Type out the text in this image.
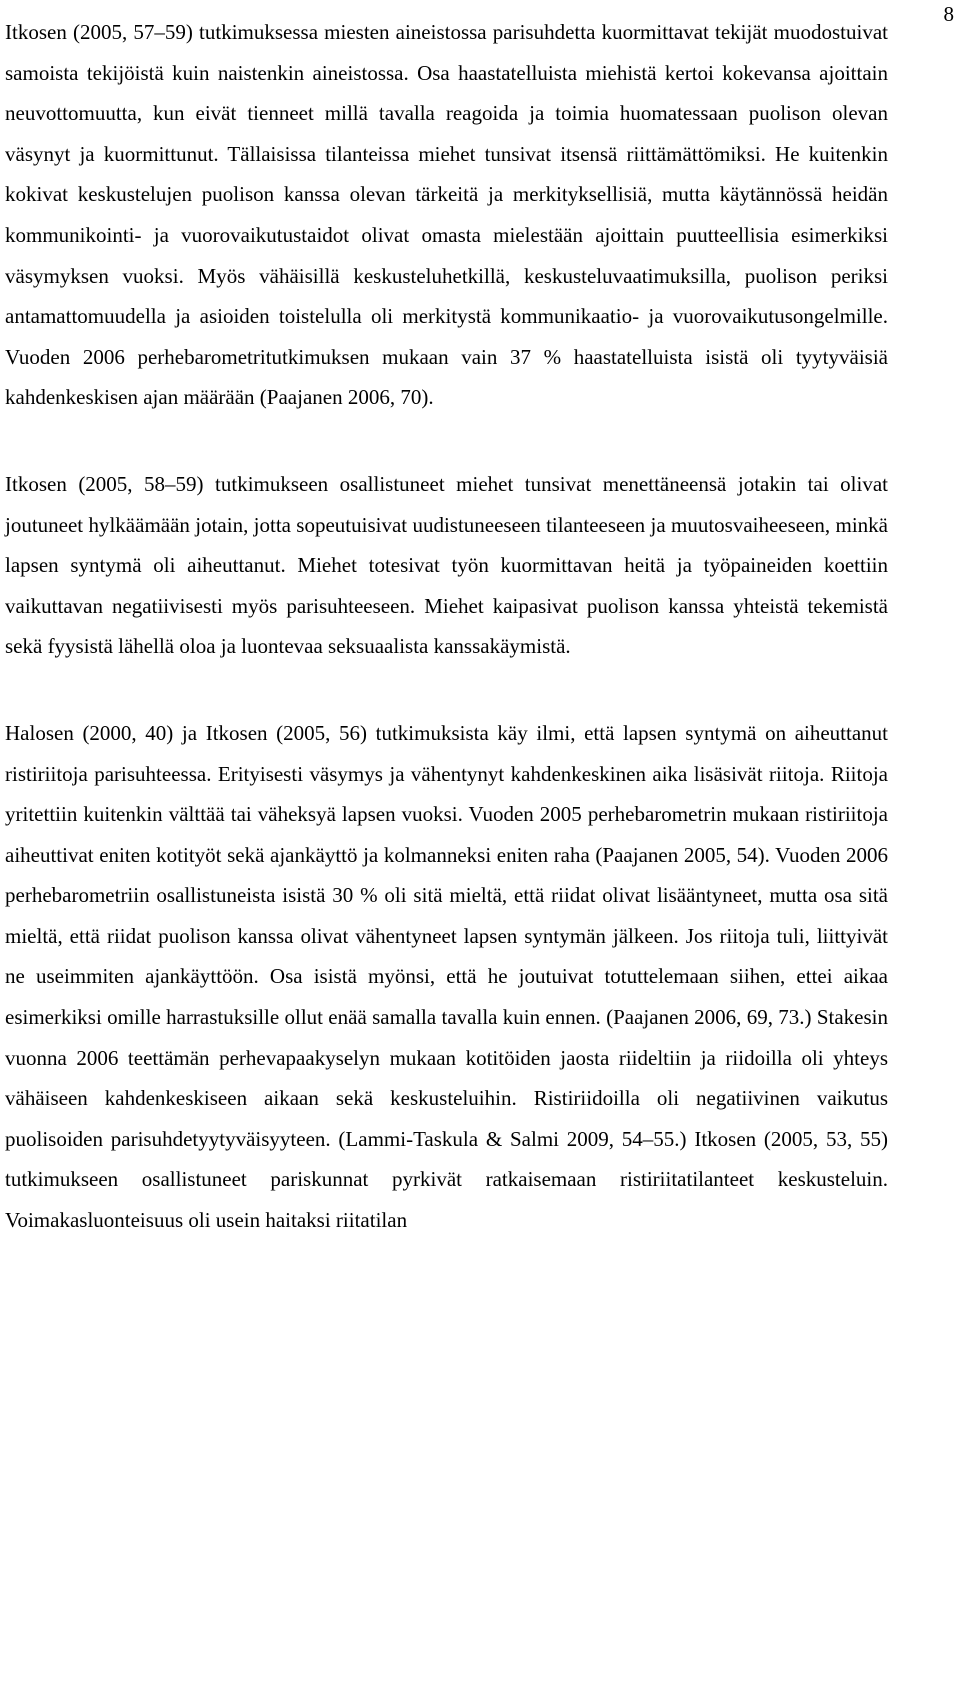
8

Itkosen (2005, 57–59) tutkimuksessa miesten aineistossa parisuhdetta kuormittavat tekijät muodostuivat samoista tekijöistä kuin naistenkin aineistossa. Osa haastatelluista miehistä kertoi kokevansa ajoittain neuvottomuutta, kun eivät tienneet millä tavalla reagoida ja toimia huomatessaan puolison olevan väsynyt ja kuormittunut. Tällaisissa tilanteissa miehet tunsivat itsensä riittämättömiksi. He kuitenkin kokivat keskustelujen puolison kanssa olevan tärkeitä ja merkityksellisiä, mutta käytännössä heidän kommunikointi- ja vuorovaikutustaidot olivat omasta mielestään ajoittain puutteellisia esimerkiksi väsymyksen vuoksi. Myös vähäisillä keskusteluhetkillä, keskusteluvaatimuksilla, puolison periksi antamattomuudella ja asioiden toistelulla oli merkitystä kommunikaatio- ja vuorovaikutusongelmille. Vuoden 2006 perhebarometritutkimuksen mukaan vain 37 % haastatelluista isistä oli tyytyväisiä kahdenkeskisen ajan määrään (Paajanen 2006, 70).

Itkosen (2005, 58–59) tutkimukseen osallistuneet miehet tunsivat menettäneensä jotakin tai olivat joutuneet hylkäämään jotain, jotta sopeutuisivat uudistuneeseen tilanteeseen ja muutosvaiheeseen, minkä lapsen syntymä oli aiheuttanut. Miehet totesivat työn kuormittavan heitä ja työpaineiden koettiin vaikuttavan negatiivisesti myös parisuhteeseen. Miehet kaipasivat puolison kanssa yhteistä tekemistä sekä fyysistä lähellä oloa ja luontevaa seksuaalista kanssakäymistä.

Halosen (2000, 40) ja Itkosen (2005, 56) tutkimuksista käy ilmi, että lapsen syntymä on aiheuttanut ristiriitoja parisuhteessa. Erityisesti väsymys ja vähentynyt kahdenkeskinen aika lisäsivät riitoja. Riitoja yritettiin kuitenkin välttää tai väheksyä lapsen vuoksi. Vuoden 2005 perhebarometrin mukaan ristiriitoja aiheuttivat eniten kotityöt sekä ajankäyttö ja kolmanneksi eniten raha (Paajanen 2005, 54). Vuoden 2006 perhebarometriin osallistuneista isistä 30 % oli sitä mieltä, että riidat olivat lisääntyneet, mutta osa sitä mieltä, että riidat puolison kanssa olivat vähentyneet lapsen syntymän jälkeen. Jos riitoja tuli, liittyivät ne useimmiten ajankäyttöön. Osa isistä myönsi, että he joutuivat totuttelemaan siihen, ettei aikaa esimerkiksi omille harrastuksille ollut enää samalla tavalla kuin ennen. (Paajanen 2006, 69, 73.) Stakesin vuonna 2006 teettämän perhevapaakyselyn mukaan kotitöiden jaosta riideltiin ja riidoilla oli yhteys vähäiseen kahdenkeskiseen aikaan sekä keskusteluihin. Ristiriidoilla oli negatiivinen vaikutus puolisoiden parisuhdetyytyväisyyteen. (Lammi-Taskula & Salmi 2009, 54–55.) Itkosen (2005, 53, 55) tutkimukseen osallistuneet pariskunnat pyrkivät ratkaisemaan ristiriitatilanteet keskusteluin. Voimakasluonteisuus oli usein haitaksi riitatilan
